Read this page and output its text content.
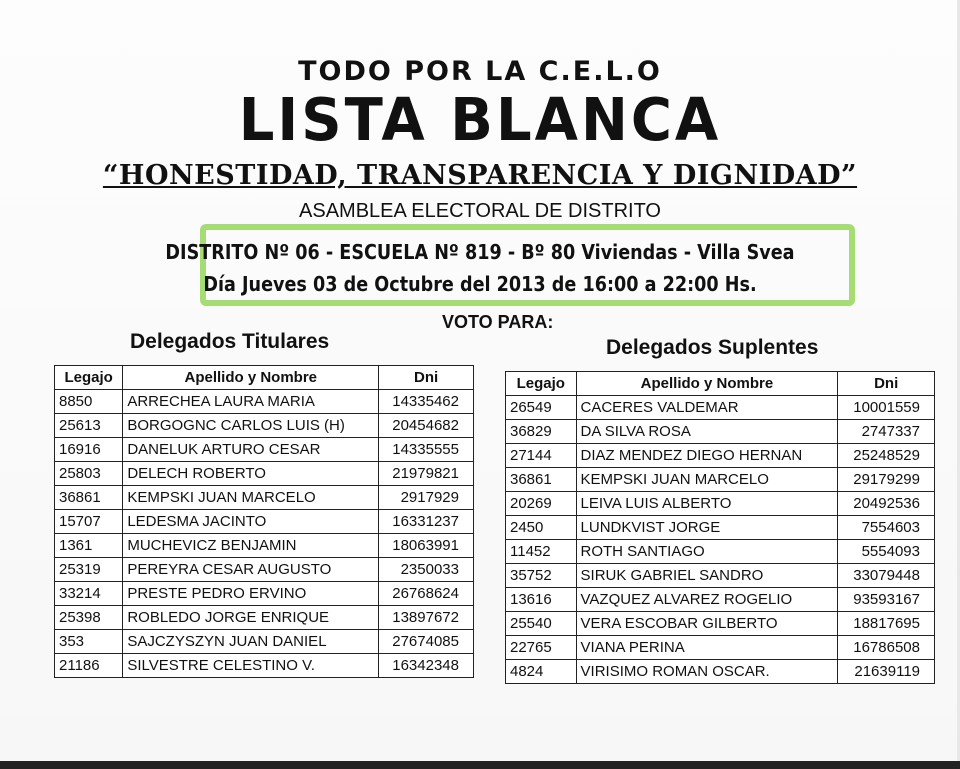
TODO POR LA C.E.L.O
LISTA BLANCA
“HONESTIDAD, TRANSPARENCIA Y DIGNIDAD”
ASAMBLEA ELECTORAL DE DISTRITO
DISTRITO Nº 06 - ESCUELA Nº 819 - Bº 80 Viviendas - Villa Svea
Día Jueves 03 de Octubre del 2013 de 16:00 a 22:00 Hs.
VOTO PARA:
Delegados Titulares	Delegados Suplentes
Legajo	Apellido y Nombre	Dni
8850	ARRECHEA LAURA MARIA	14335462
25613	BORGOGNC CARLOS LUIS (H)	20454682
16916	DANELUK ARTURO CESAR	14335555
25803	DELECH ROBERTO	21979821
36861	KEMPSKI JUAN MARCELO	2917929
15707	LEDESMA JACINTO	16331237
1361	MUCHEVICZ BENJAMIN	18063991
25319	PEREYRA CESAR AUGUSTO	2350033
33214	PRESTE PEDRO ERVINO	26768624
25398	ROBLEDO JORGE ENRIQUE	13897672
353	SAJCZYSZYN JUAN DANIEL	27674085
21186	SILVESTRE CELESTINO V.	16342348
Legajo	Apellido y Nombre	Dni
26549	CACERES VALDEMAR	10001559
36829	DA SILVA ROSA	2747337
27144	DIAZ MENDEZ DIEGO HERNAN	25248529
36861	KEMPSKI JUAN MARCELO	29179299
20269	LEIVA LUIS ALBERTO	20492536
2450	LUNDKVIST JORGE	7554603
11452	ROTH SANTIAGO	5554093
35752	SIRUK GABRIEL SANDRO	33079448
13616	VAZQUEZ ALVAREZ ROGELIO	93593167
25540	VERA ESCOBAR GILBERTO	18817695
22765	VIANA PERINA	16786508
4824	VIRISIMO ROMAN OSCAR.	21639119
